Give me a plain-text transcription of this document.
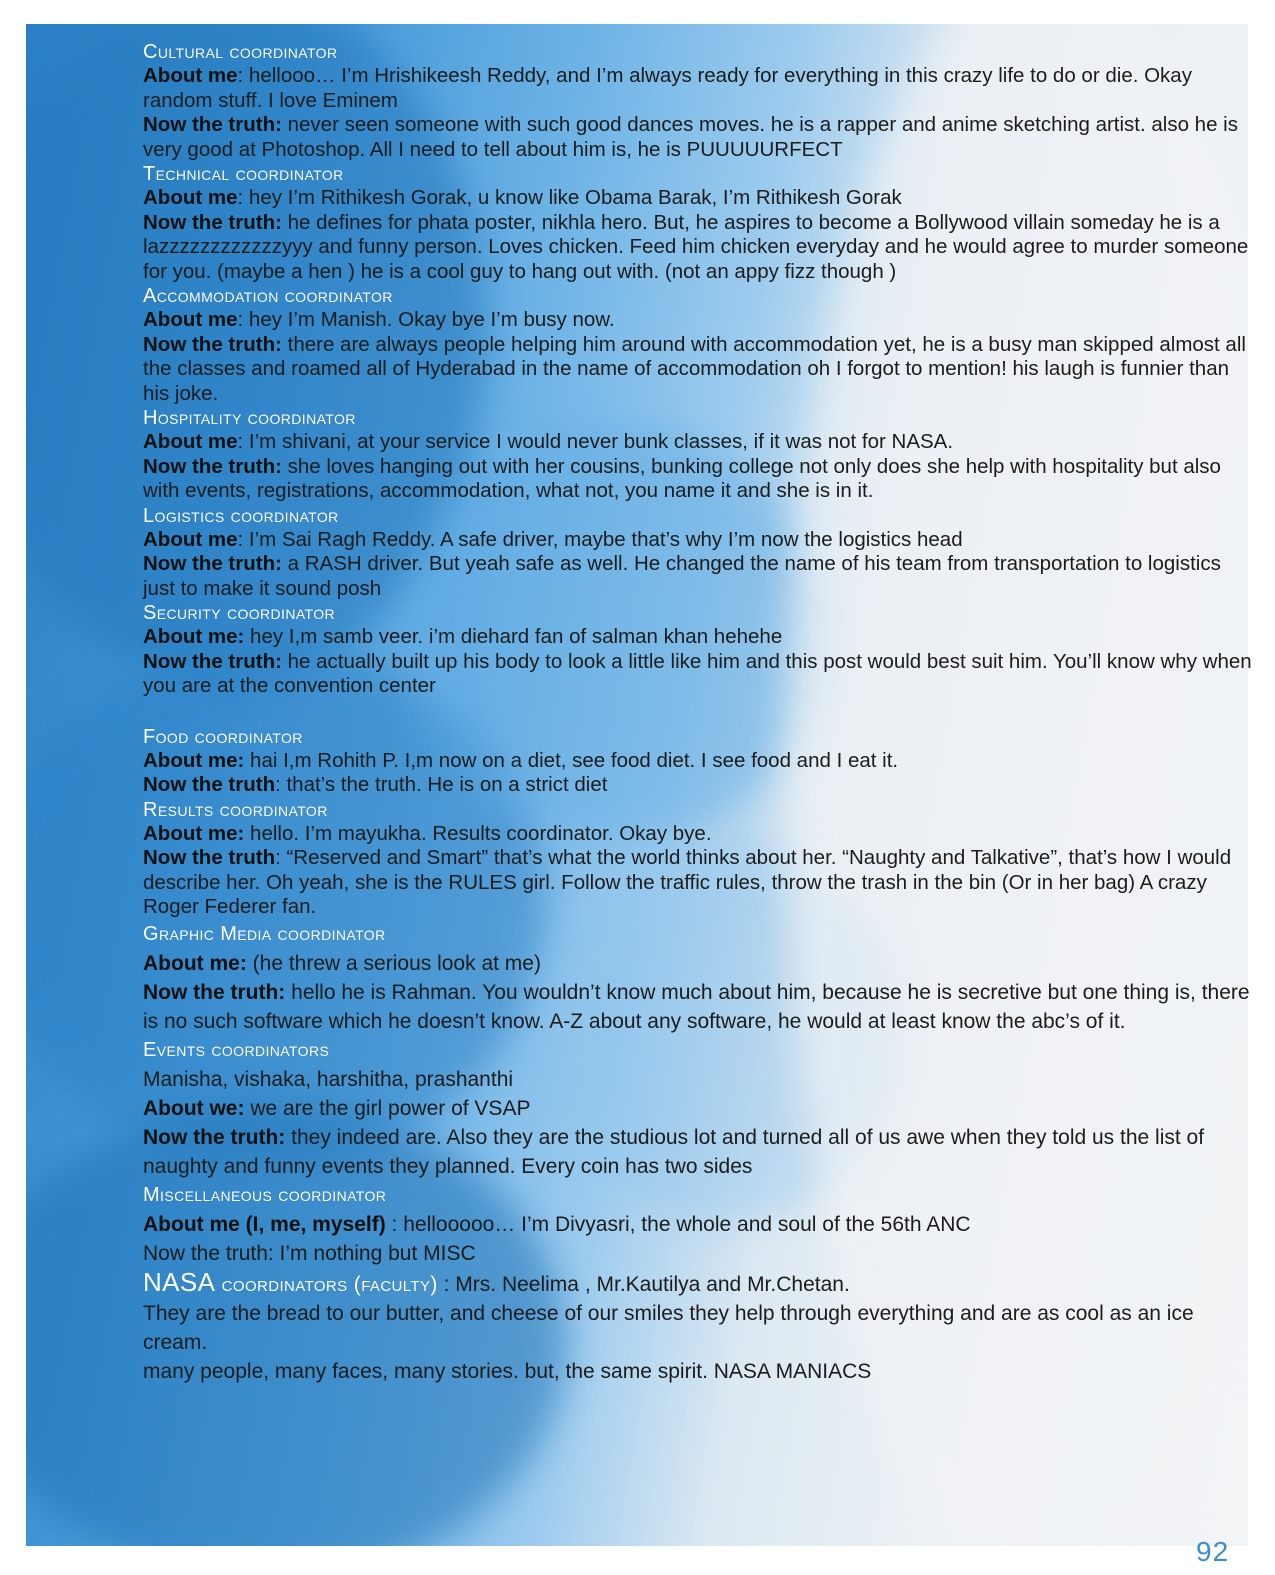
Cultural coordinator

About me: hellooo… I’m Hrishikeesh Reddy, and I’m always ready for everything in this crazy life to do or die. Okay random stuff. I love Eminem

Now the truth: never seen someone with such good dances moves. he is a rapper and anime sketching artist. also he is very good at Photoshop. All I need to tell about him is, he is PUUUUURFECT

Technical coordinator

About me: hey I’m Rithikesh Gorak, u know like Obama Barak, I’m Rithikesh Gorak

Now the truth: he defines for phata poster, nikhla hero. But, he aspires to become a Bollywood villain someday he is a lazzzzzzzzzzzzyyy and funny person. Loves chicken. Feed him chicken everyday and he would agree to murder someone for you. (maybe a hen ) he is a cool guy to hang out with. (not an appy fizz though )

Accommodation coordinator

About me: hey I’m Manish. Okay bye I’m busy now.

Now the truth: there are always people helping him around with accommodation yet, he is a busy man skipped almost all the classes and roamed all of Hyderabad in the name of accommodation oh I forgot to mention! his laugh is funnier than his joke.

Hospitality coordinator

About me: I’m shivani, at your service I would never bunk classes, if it was not for NASA.

Now the truth: she loves hanging out with her cousins, bunking college not only does she help with hospitality but also with events, registrations, accommodation, what not, you name it and she is in it.

Logistics coordinator

About me: I’m Sai Ragh Reddy. A safe driver, maybe that’s why I’m now the logistics head

Now the truth: a RASH driver. But yeah safe as well. He changed the name of his team from transportation to logistics just to make it sound posh

Security coordinator

About me: hey I,m samb veer. i’m diehard fan of salman khan hehehe

Now the truth: he actually built up his body to look a little like him and this post would best suit him. You’ll know why when you are at the convention center

Food coordinator

About me: hai I,m Rohith P. I,m now on a diet, see food diet. I see food and I eat it.

Now the truth: that’s the truth. He is on a strict diet

Results coordinator

About me: hello. I’m mayukha. Results coordinator. Okay bye.

Now the truth: “Reserved and Smart” that’s what the world thinks about her. “Naughty and Talkative”, that’s how I would describe her. Oh yeah, she is the RULES girl. Follow the traffic rules, throw the trash in the bin (Or in her bag) A crazy Roger Federer fan.

Graphic Media coordinator

About me: (he threw a serious look at me)

Now the truth: hello he is Rahman. You wouldn’t know much about him, because he is secretive but one thing is, there is no such software which he doesn’t know. A-Z about any software, he would at least know the abc’s of it.

Events coordinators

Manisha, vishaka, harshitha, prashanthi

About we: we are the girl power of VSAP

Now the truth: they indeed are. Also they are the studious lot and turned all of us awe when they told us the list of naughty and funny events they planned. Every coin has two sides

Miscellaneous coordinator

About me (I, me, myself) : hellooooo… I’m Divyasri, the whole and soul of the 56th ANC

Now the truth: I’m nothing but MISC

NASA coordinators (faculty) : Mrs. Neelima , Mr.Kautilya and Mr.Chetan.

They are the bread to our butter, and cheese of our smiles they help through everything and are as cool as an ice cream.

many people, many faces, many stories. but, the same spirit. NASA MANIACS

92
